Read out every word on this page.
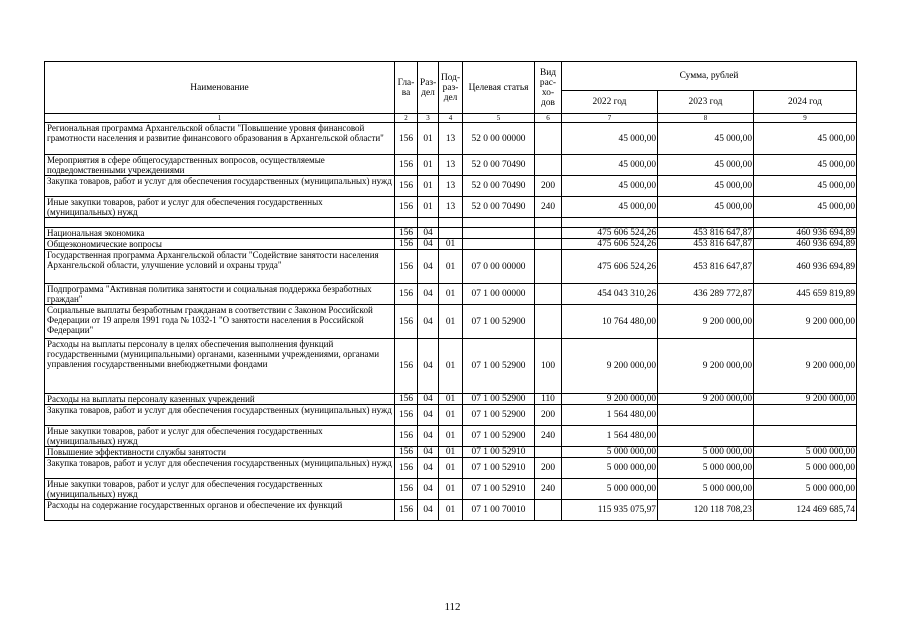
Наименование	Гла-ва	Раз-дел	Под-раз-дел	Целевая статья	Вид рас-хо-дов	Сумма, рублей		
						2022 год	2023 год	2024 год
1	2	3	4	5	6	7	8	9
Региональная программа Архангельской области "Повышение уровня финансовой грамотности населения и развитие финансового образования в Архангельской области"	156	01	13	52 0 00 00000		45 000,00	45 000,00	45 000,00
Мероприятия в сфере общегосударственных вопросов, осуществляемые подведомственными учреждениями	156	01	13	52 0 00 70490		45 000,00	45 000,00	45 000,00
Закупка товаров, работ и услуг для обеспечения государственных (муниципальных) нужд	156	01	13	52 0 00 70490	200	45 000,00	45 000,00	45 000,00
Иные закупки товаров, работ и услуг для обеспечения государственных (муниципальных) нужд	156	01	13	52 0 00 70490	240	45 000,00	45 000,00	45 000,00

Национальная экономика	156	04				475 606 524,26	453 816 647,87	460 936 694,89
Общеэкономические вопросы	156	04	01			475 606 524,26	453 816 647,87	460 936 694,89
Государственная программа Архангельской области "Содействие занятости населения Архангельской области, улучшение условий и охраны труда"	156	04	01	07 0 00 00000		475 606 524,26	453 816 647,87	460 936 694,89
Подпрограмма "Активная политика занятости и социальная поддержка безработных граждан"	156	04	01	07 1 00 00000		454 043 310,26	436 289 772,87	445 659 819,89
Социальные выплаты безработным гражданам в соответствии с Законом Российской Федерации от 19 апреля 1991 года № 1032-1 "О занятости населения в Российской Федерации"	156	04	01	07 1 00 52900		10 764 480,00	9 200 000,00	9 200 000,00
Расходы на выплаты персоналу в целях обеспечения выполнения функций государственными (муниципальными) органами, казенными учреждениями, органами управления государственными внебюджетными фондами	156	04	01	07 1 00 52900	100	9 200 000,00	9 200 000,00	9 200 000,00
Расходы на выплаты персоналу казенных учреждений	156	04	01	07 1 00 52900	110	9 200 000,00	9 200 000,00	9 200 000,00
Закупка товаров, работ и услуг для обеспечения государственных (муниципальных) нужд	156	04	01	07 1 00 52900	200	1 564 480,00		
Иные закупки товаров, работ и услуг для обеспечения государственных (муниципальных) нужд	156	04	01	07 1 00 52900	240	1 564 480,00		
Повышение эффективности службы занятости	156	04	01	07 1 00 52910		5 000 000,00	5 000 000,00	5 000 000,00
Закупка товаров, работ и услуг для обеспечения государственных (муниципальных) нужд	156	04	01	07 1 00 52910	200	5 000 000,00	5 000 000,00	5 000 000,00
Иные закупки товаров, работ и услуг для обеспечения государственных (муниципальных) нужд	156	04	01	07 1 00 52910	240	5 000 000,00	5 000 000,00	5 000 000,00
Расходы на содержание государственных органов и обеспечение их функций	156	04	01	07 1 00 70010		115 935 075,97	120 118 708,23	124 469 685,74
112
